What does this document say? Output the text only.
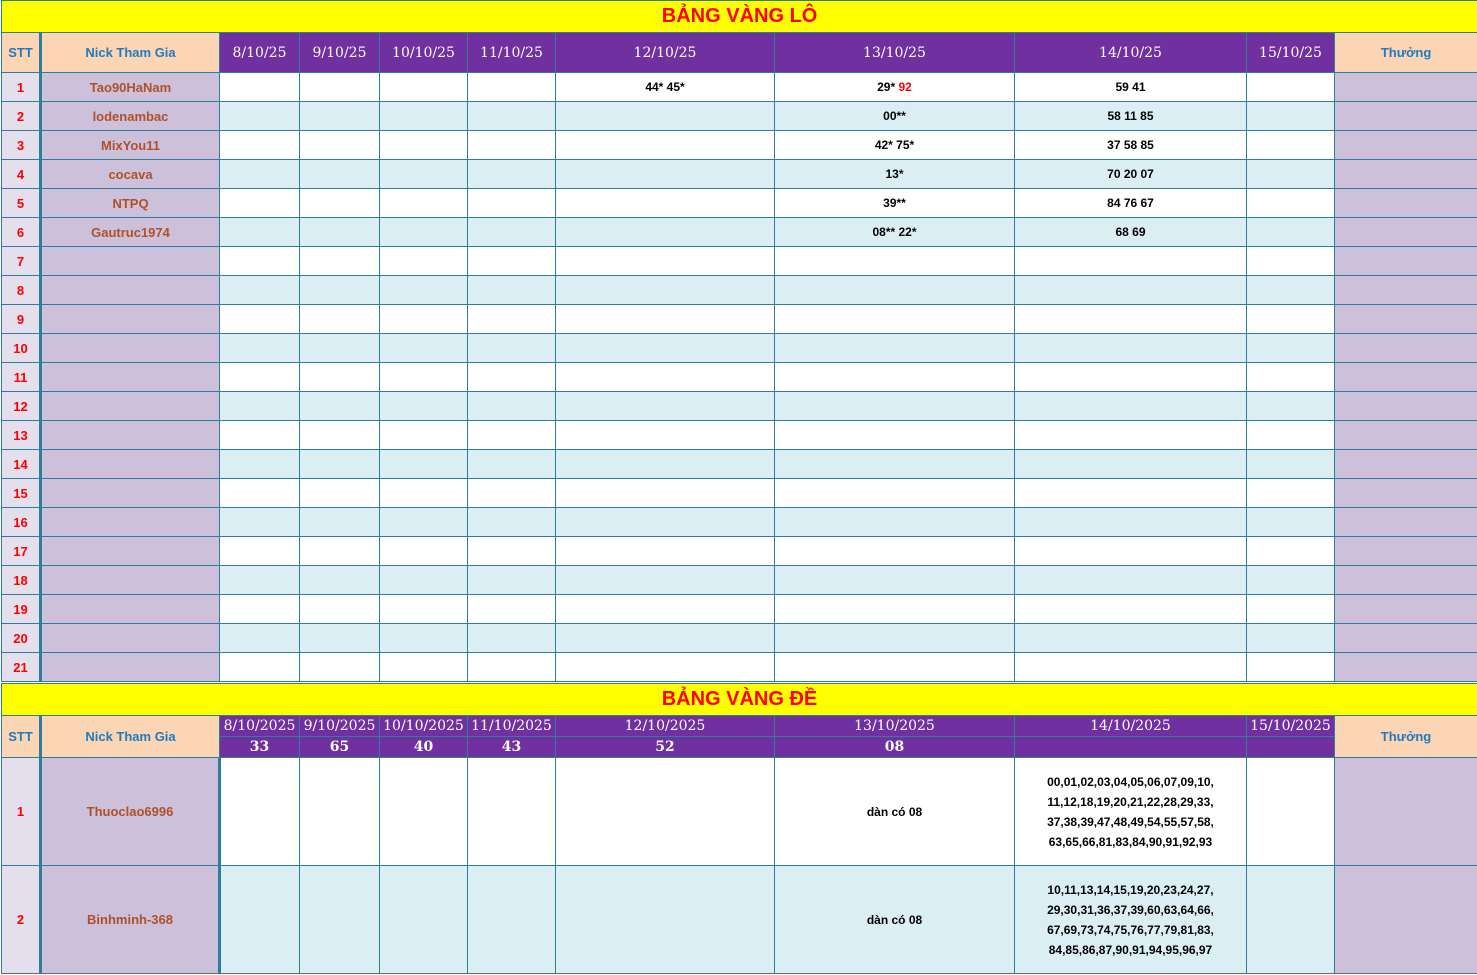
BẢNG VÀNG LÔ										
STT	Nick Tham Gia	8/10/25	9/10/25	10/10/25	11/10/25	12/10/25	13/10/25	14/10/25	15/10/25	Thưởng
1	Tao90HaNam					44* 45*	29* 92	59 41		
2	lodenambac						00**	58 11 85		
3	MixYou11						42* 75*	37 58 85		
4	cocava						13*	70 20 07		
5	NTPQ						39**	84 76 67		
6	Gautruc1974						08** 22*	68 69		
7										
8										
9										
10										
11										
12										
13										
14										
15										
16										
17										
18										
19										
20										
21										
BẢNG VÀNG ĐỀ										
STT	Nick Tham Gia	8/10/2025	9/10/2025	10/10/2025	11/10/2025	12/10/2025	13/10/2025	14/10/2025	15/10/2025	Thưởng
		33	65	40	43	52	08			
1	Thuoclao6996						dàn có 08	00,01,02,03,04,05,06,07,09,10,
11,12,18,19,20,21,22,28,29,33,
37,38,39,47,48,49,54,55,57,58,
63,65,66,81,83,84,90,91,92,93		

2	Binhminh-368						dàn có 08	10,11,13,14,15,19,20,23,24,27,
29,30,31,36,37,39,60,63,64,66,
67,69,73,74,75,76,77,79,81,83,
84,85,86,87,90,91,94,95,96,97		
